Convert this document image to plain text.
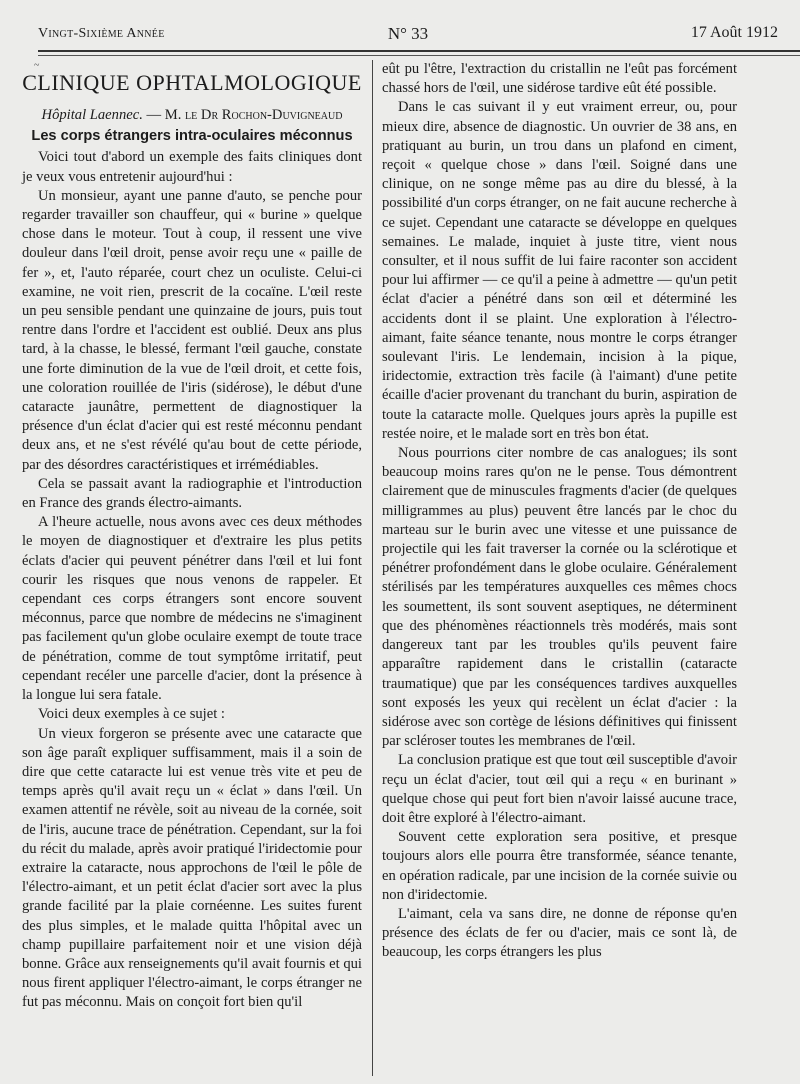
Vingt-Sixième Année	N° 33	17 Août 1912
~
CLINIQUE OPHTALMOLOGIQUE
Hôpital Laennec. — M. le Dr Rochon-Duvigneaud
Les corps étrangers intra-oculaires méconnus

Voici tout d'abord un exemple des faits cliniques dont je veux vous entretenir aujourd'hui :

Un monsieur, ayant une panne d'auto, se penche pour regarder travailler son chauffeur, qui « burine » quelque chose dans le moteur. Tout à coup, il ressent une vive douleur dans l'œil droit, pense avoir reçu une « paille de fer », et, l'auto réparée, court chez un oculiste. Celui-ci examine, ne voit rien, prescrit de la cocaïne. L'œil reste un peu sensible pendant une quinzaine de jours, puis tout rentre dans l'ordre et l'accident est oublié. Deux ans plus tard, à la chasse, le blessé, fermant l'œil gauche, constate une forte diminution de la vue de l'œil droit, et cette fois, une coloration rouillée de l'iris (sidérose), le début d'une cataracte jaunâtre, permettent de diagnostiquer la présence d'un éclat d'acier qui est resté méconnu pendant deux ans, et ne s'est révélé qu'au bout de cette période, par des désordres caractéristiques et irrémédiables.

Cela se passait avant la radiographie et l'introduction en France des grands électro-aimants.

A l'heure actuelle, nous avons avec ces deux méthodes le moyen de diagnostiquer et d'extraire les plus petits éclats d'acier qui peuvent pénétrer dans l'œil et lui font courir les risques que nous venons de rappeler. Et cependant ces corps étrangers sont encore souvent méconnus, parce que nombre de médecins ne s'imaginent pas facilement qu'un globe oculaire exempt de toute trace de pénétration, comme de tout symptôme irritatif, peut cependant recéler une parcelle d'acier, dont la présence à la longue lui sera fatale.

Voici deux exemples à ce sujet :

Un vieux forgeron se présente avec une cataracte que son âge paraît expliquer suffisamment, mais il a soin de dire que cette cataracte lui est venue très vite et peu de temps après qu'il avait reçu un « éclat » dans l'œil. Un examen attentif ne révèle, soit au niveau de la cornée, soit de l'iris, aucune trace de pénétration. Cependant, sur la foi du récit du malade, après avoir pratiqué l'iridectomie pour extraire la cataracte, nous approchons de l'œil le pôle de l'électro-aimant, et un petit éclat d'acier sort avec la plus grande facilité par la plaie cornéenne. Les suites furent des plus simples, et le malade quitta l'hôpital avec un champ pupillaire parfaitement noir et une vision déjà bonne. Grâce aux renseignements qu'il avait fournis et qui nous firent appliquer l'électro-aimant, le corps étranger ne fut pas méconnu. Mais on conçoit fort bien qu'il

eût pu l'être, l'extraction du cristallin ne l'eût pas forcément chassé hors de l'œil, une sidérose tardive eût été possible.

Dans le cas suivant il y eut vraiment erreur, ou, pour mieux dire, absence de diagnostic. Un ouvrier de 38 ans, en pratiquant au burin, un trou dans un plafond en ciment, reçoit « quelque chose » dans l'œil. Soigné dans une clinique, on ne songe même pas au dire du blessé, à la possibilité d'un corps étranger, on ne fait aucune recherche à ce sujet. Cependant une cataracte se développe en quelques semaines. Le malade, inquiet à juste titre, vient nous consulter, et il nous suffit de lui faire raconter son accident pour lui affirmer — ce qu'il a peine à admettre — qu'un petit éclat d'acier a pénétré dans son œil et déterminé les accidents dont il se plaint. Une exploration à l'électro-aimant, faite séance tenante, nous montre le corps étranger soulevant l'iris. Le lendemain, incision à la pique, iridectomie, extraction très facile (à l'aimant) d'une petite écaille d'acier provenant du tranchant du burin, aspiration de toute la cataracte molle. Quelques jours après la pupille est restée noire, et le malade sort en très bon état.

Nous pourrions citer nombre de cas analogues; ils sont beaucoup moins rares qu'on ne le pense. Tous démontrent clairement que de minuscules fragments d'acier (de quelques milligrammes au plus) peuvent être lancés par le choc du marteau sur le burin avec une vitesse et une puissance de projectile qui les fait traverser la cornée ou la sclérotique et pénétrer profondément dans le globe oculaire. Généralement stérilisés par les températures auxquelles ces mêmes chocs les soumettent, ils sont souvent aseptiques, ne déterminent que des phénomènes réactionnels très modérés, mais sont dangereux tant par les troubles qu'ils peuvent faire apparaître rapidement dans le cristallin (cataracte traumatique) que par les conséquences tardives auxquelles sont exposés les yeux qui recèlent un éclat d'acier : la sidérose avec son cortège de lésions définitives qui finissent par scléroser toutes les membranes de l'œil.

La conclusion pratique est que tout œil susceptible d'avoir reçu un éclat d'acier, tout œil qui a reçu « en burinant » quelque chose qui peut fort bien n'avoir laissé aucune trace, doit être exploré à l'électro-aimant.

Souvent cette exploration sera positive, et presque toujours alors elle pourra être transformée, séance tenante, en opération radicale, par une incision de la cornée suivie ou non d'iridectomie.

L'aimant, cela va sans dire, ne donne de réponse qu'en présence des éclats de fer ou d'acier, mais ce sont là, de beaucoup, les corps étrangers les plus
